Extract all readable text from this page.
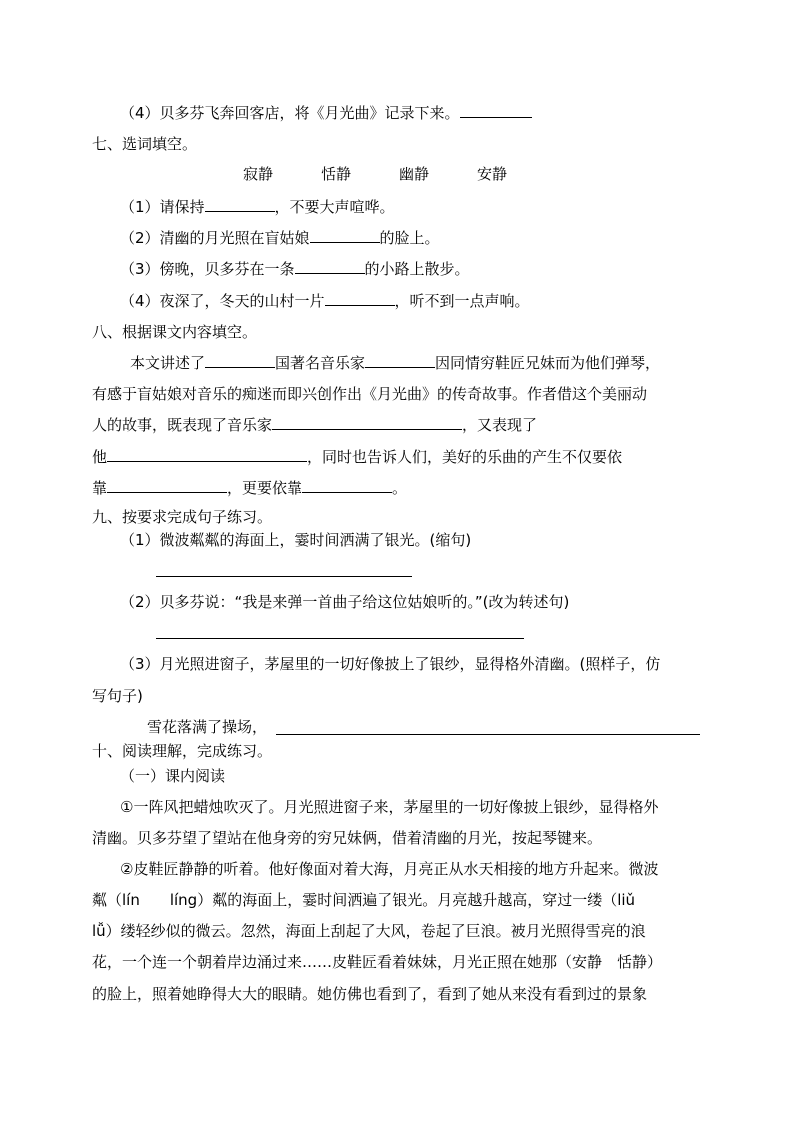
（4）贝多芬飞奔回客店，将《月光曲》记录下来。
七、选词填空。
寂静	恬静	幽静	安静
（1）请保持	，不要大声喧哗。
（2）清幽的月光照在盲姑娘	的脸上。
（3）傍晚，贝多芬在一条	的小路上散步。
（4）夜深了，冬天的山村一片	，听不到一点声响。
八、根据课文内容填空。
本文讲述了	国著名音乐家	因同情穷鞋匠兄妹而为他们弹琴，
有感于盲姑娘对音乐的痴迷而即兴创作出《月光曲》的传奇故事。作者借这个美丽动
人的故事，既表现了音乐家	，又表现了
他	，同时也告诉人们，美好的乐曲的产生不仅要依
靠	，更要依靠	。
九、按要求完成句子练习。
（1）微波粼粼的海面上，霎时间洒满了银光。(缩句)
（2）贝多芬说：“我是来弹一首曲子给这位姑娘听的。”(改为转述句)
（3）月光照进窗子，茅屋里的一切好像披上了银纱，显得格外清幽。(照样子，仿
写句子)
雪花落满了操场，
十、阅读理解，完成练习。
（一）课内阅读
①一阵风把蜡烛吹灭了。月光照进窗子来，茅屋里的一切好像披上银纱，显得格外
清幽。贝多芬望了望站在他身旁的穷兄妹俩，借着清幽的月光，按起琴键来。
②皮鞋匠静静的听着。他好像面对着大海，月亮正从水天相接的地方升起来。微波
粼（lín　　líng）粼的海面上，霎时间洒遍了银光。月亮越升越高，穿过一缕（liǔ
lǚ）缕轻纱似的微云。忽然，海面上刮起了大风，卷起了巨浪。被月光照得雪亮的浪
花，一个连一个朝着岸边涌过来……皮鞋匠看着妹妹，月光正照在她那（安静　恬静）
的脸上，照着她睁得大大的眼睛。她仿佛也看到了，看到了她从来没有看到过的景象
